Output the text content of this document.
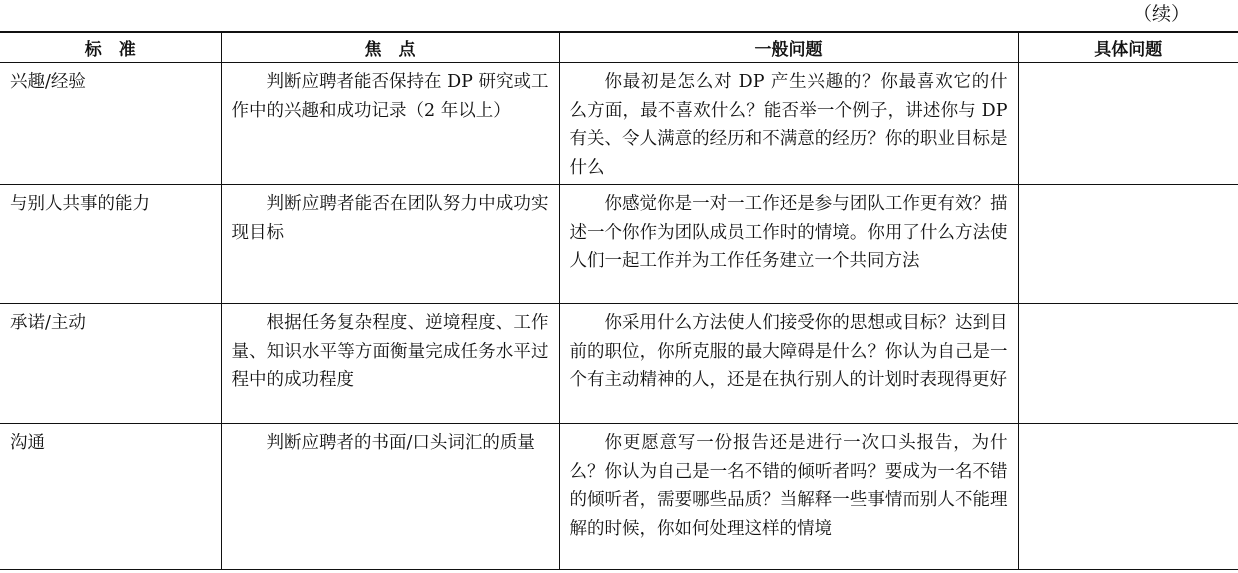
（续）
标　准	焦　点	一般问题	具体问题
兴趣/经验	判断应聘者能否保持在 DP 研究或工作中的兴趣和成功记录（2 年以上）	你最初是怎么对 DP 产生兴趣的？你最喜欢它的什么方面，最不喜欢什么？能否举一个例子，讲述你与 DP 有关、令人满意的经历和不满意的经历？你的职业目标是什么	
与别人共事的能力	判断应聘者能否在团队努力中成功实现目标	你感觉你是一对一工作还是参与团队工作更有效？描述一个你作为团队成员工作时的情境。你用了什么方法使人们一起工作并为工作任务建立一个共同方法	
承诺/主动	根据任务复杂程度、逆境程度、工作量、知识水平等方面衡量完成任务水平过程中的成功程度	你采用什么方法使人们接受你的思想或目标？达到目前的职位，你所克服的最大障碍是什么？你认为自己是一个有主动精神的人，还是在执行别人的计划时表现得更好	
沟通	判断应聘者的书面/口头词汇的质量	你更愿意写一份报告还是进行一次口头报告，为什么？你认为自己是一名不错的倾听者吗？要成为一名不错的倾听者，需要哪些品质？当解释一些事情而别人不能理解的时候，你如何处理这样的情境	
